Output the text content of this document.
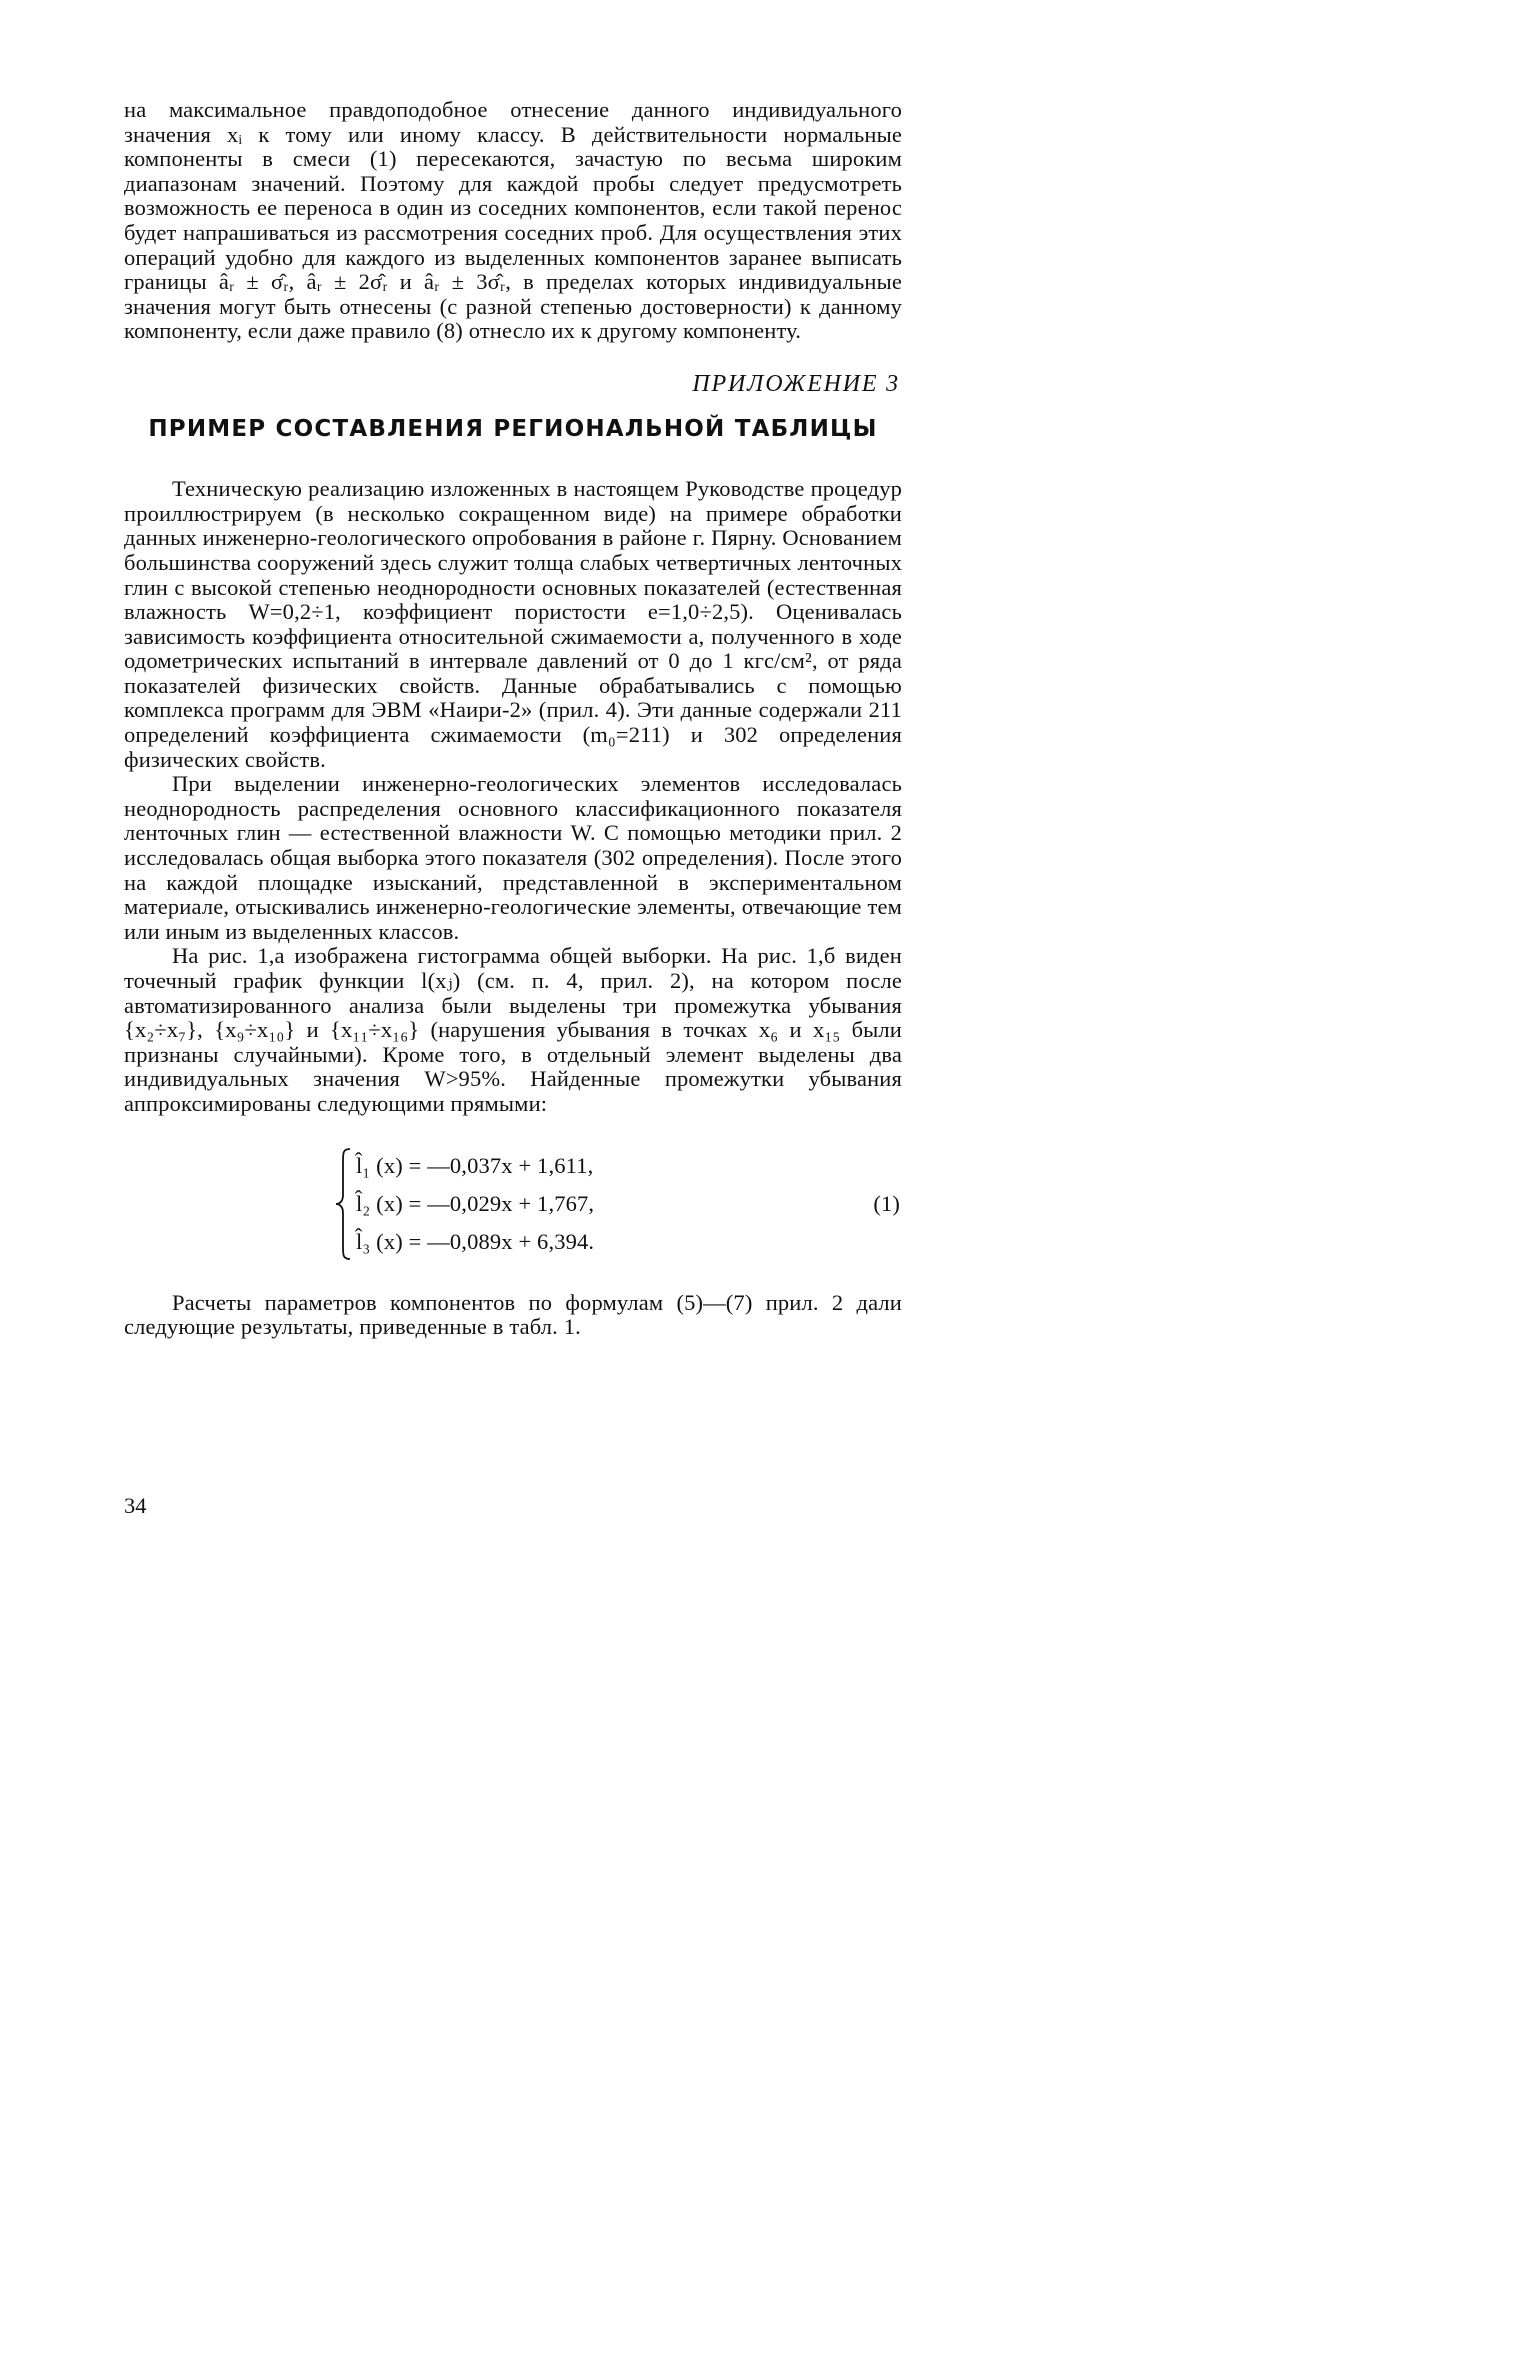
на максимальное правдоподобное отнесение данного индивидуального значения xᵢ к тому или иному классу. В действительности нормальные компоненты в смеси (1) пересекаются, зачастую по весьма широким диапазонам значений. Поэтому для каждой пробы следует предусмотреть возможность ее переноса в один из соседних компонентов, если такой перенос будет напрашиваться из рассмотрения соседних проб. Для осуществления этих операций удобно для каждого из выделенных компонентов заранее выписать границы âᵣ ± σ̂ᵣ, âᵣ ± 2σ̂ᵣ и âᵣ ± 3σ̂ᵣ, в пределах которых индивидуальные значения могут быть отнесены (с разной степенью достоверности) к данному компоненту, если даже правило (8) отнесло их к другому компоненту.

ПРИЛОЖЕНИЕ 3

ПРИМЕР СОСТАВЛЕНИЯ РЕГИОНАЛЬНОЙ ТАБЛИЦЫ

Техническую реализацию изложенных в настоящем Руководстве процедур проиллюстрируем (в несколько сокращенном виде) на примере обработки данных инженерно-геологического опробования в районе г. Пярну. Основанием большинства сооружений здесь служит толща слабых четвертичных ленточных глин с высокой степенью неоднородности основных показателей (естественная влажность W=0,2÷1, коэффициент пористости e=1,0÷2,5). Оценивалась зависимость коэффициента относительной сжимаемости a, полученного в ходе одометрических испытаний в интервале давлений от 0 до 1 кгс/см², от ряда показателей физических свойств. Данные обрабатывались с помощью комплекса программ для ЭВМ «Наири-2» (прил. 4). Эти данные содержали 211 определений коэффициента сжимаемости (m₀=211) и 302 определения физических свойств.

При выделении инженерно-геологических элементов исследовалась неоднородность распределения основного классификационного показателя ленточных глин — естественной влажности W. С помощью методики прил. 2 исследовалась общая выборка этого показателя (302 определения). После этого на каждой площадке изысканий, представленной в экспериментальном материале, отыскивались инженерно-геологические элементы, отвечающие тем или иным из выделенных классов.

На рис. 1,а изображена гистограмма общей выборки. На рис. 1,б виден точечный график функции l(xⱼ) (см. п. 4, прил. 2), на котором после автоматизированного анализа были выделены три промежутка убывания {x₂÷x₇}, {x₉÷x₁₀} и {x₁₁÷x₁₆} (нарушения убывания в точках x₆ и x₁₅ были признаны случайными). Кроме того, в отдельный элемент выделены два индивидуальных значения W>95%. Найденные промежутки убывания аппроксимированы следующими прямыми:

l̂₁ (x) = —0,037x + 1,611,
l̂₂ (x) = —0,029x + 1,767,
l̂₃ (x) = —0,089x + 6,394.
(1)

Расчеты параметров компонентов по формулам (5)—(7) прил. 2 дали следующие результаты, приведенные в табл. 1.

34
